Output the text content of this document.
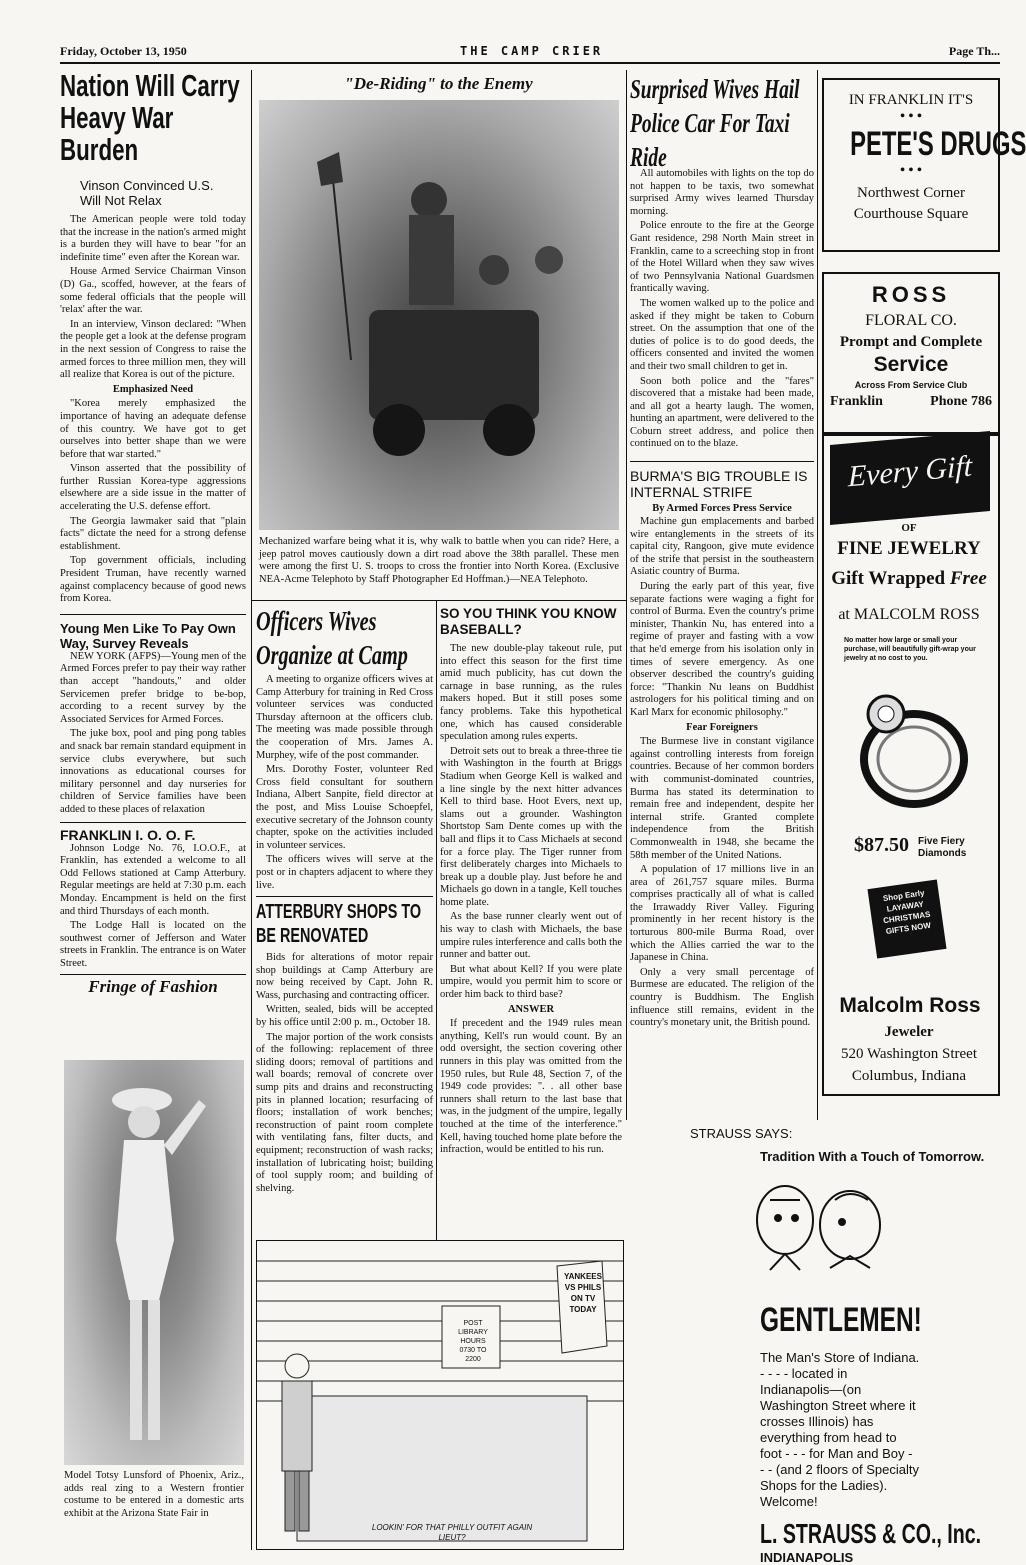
Friday, October 13, 1950	THE CAMP CRIER	Page Th...
Nation Will Carry Heavy War Burden
Vinson Convinced U.S. Will Not Relax

The American people were told today that the increase in the nation's armed might is a burden they will have to bear "for an indefinite time" even after the Korean war.

House Armed Service Chairman Vinson (D) Ga., scoffed, however, at the fears of some federal officials that the people will 'relax' after the war.

In an interview, Vinson declared: "When the people get a look at the defense program in the next session of Congress to raise the armed forces to three million men, they will all realize that Korea is out of the picture.

Emphasized Need

"Korea merely emphasized the importance of having an adequate defense of this country. We have got to get ourselves into better shape than we were before that war started."

Vinson asserted that the possibility of further Russian Korea-type aggressions elsewhere are a side issue in the matter of accelerating the U.S. defense effort.

The Georgia lawmaker said that "plain facts" dictate the need for a strong defense establishment.

Top government officials, including President Truman, have recently warned against complacency because of good news from Korea.

Young Men Like To Pay Own Way, Survey Reveals

NEW YORK (AFPS)—Young men of the Armed Forces prefer to pay their way rather than accept "handouts," and older Servicemen prefer bridge to be-bop, according to a recent survey by the Associated Services for Armed Forces.

The juke box, pool and ping pong tables and snack bar remain standard equipment in service clubs everywhere, but such innovations as educational courses for military personnel and day nurseries for children of Service families have been added to these places of relaxation

FRANKLIN I. O. O. F.

Johnson Lodge No. 76, I.O.O.F., at Franklin, has extended a welcome to all Odd Fellows stationed at Camp Atterbury. Regular meetings are held at 7:30 p.m. each Monday. Encampment is held on the first and third Thursdays of each month.

The Lodge Hall is located on the southwest corner of Jefferson and Water streets in Franklin. The entrance is on Water Street.

Fringe of Fashion
Model Totsy Lunsford of Phoenix, Ariz., adds real zing to a Western frontier costume to be entered in a domestic arts exhibit at the Arizona State Fair in
"De-Riding" to the Enemy
Mechanized warfare being what it is, why walk to battle when you can ride? Here, a jeep patrol moves cautiously down a dirt road above the 38th parallel. These men were among the first U. S. troops to cross the frontier into North Korea. (Exclusive NEA-Acme Telephoto by Staff Photographer Ed Hoffman.)—NEA Telephoto.
Officers Wives Organize at Camp

A meeting to organize officers wives at Camp Atterbury for training in Red Cross volunteer services was conducted Thursday afternoon at the officers club. The meeting was made possible through the cooperation of Mrs. James A. Murphey, wife of the post commander.

Mrs. Dorothy Foster, volunteer Red Cross field consultant for southern Indiana, Albert Sanpite, field director at the post, and Miss Louise Schoepfel, executive secretary of the Johnson county chapter, spoke on the activities included in volunteer services.

The officers wives will serve at the post or in chapters adjacent to where they live.

ATTERBURY SHOPS TO BE RENOVATED

Bids for alterations of motor repair shop buildings at Camp Atterbury are now being received by Capt. John R. Wass, purchasing and contracting officer.

Written, sealed, bids will be accepted by his office until 2:00 p. m., October 18.

The major portion of the work consists of the following: replacement of three sliding doors; removal of partitions and wall boards; removal of concrete over sump pits and drains and reconstructing pits in planned location; resurfacing of floors; installation of work benches; reconstruction of paint room complete with ventilating fans, filter ducts, and equipment; reconstruction of wash racks; installation of lubricating hoist; building of tool supply room; and building of shelving.

SO YOU THINK YOU KNOW BASEBALL?

The new double-play takeout rule, put into effect this season for the first time amid much publicity, has cut down the carnage in base running, as the rules makers hoped. But it still poses some fancy problems. Take this hypothetical one, which has caused considerable speculation among rules experts.

Detroit sets out to break a three-three tie with Washington in the fourth at Briggs Stadium when George Kell is walked and a line single by the next hitter advances Kell to third base. Hoot Evers, next up, slams out a grounder. Washington Shortstop Sam Dente comes up with the ball and flips it to Cass Michaels at second for a force play. The Tiger runner from first deliberately charges into Michaels to break up a double play. Just before he and Michaels go down in a tangle, Kell touches home plate.

As the base runner clearly went out of his way to clash with Michaels, the base umpire rules interference and calls both the runner and batter out.

But what about Kell? If you were plate umpire, would you permit him to score or order him back to third base?

ANSWER

If precedent and the 1949 rules mean anything, Kell's run would count. By an odd oversight, the section covering other runners in this play was omitted from the 1950 rules, but Rule 48, Section 7, of the 1949 code provides: ". . all other base runners shall return to the last base that was, in the judgment of the umpire, legally touched at the time of the interference." Kell, having touched home plate before the infraction, would be entitled to his run.

POST LIBRARY HOURS 0730 TO 2200
YANKEES VS PHILS ON TV TODAY
LOOKIN' FOR THAT PHILLY OUTFIT AGAIN LIEUT?
Surprised Wives Hail Police Car For Taxi Ride

All automobiles with lights on the top do not happen to be taxis, two somewhat surprised Army wives learned Thursday morning.

Police enroute to the fire at the George Gant residence, 298 North Main street in Franklin, came to a screeching stop in front of the Hotel Willard when they saw wives of two Pennsylvania National Guardsmen frantically waving.

The women walked up to the police and asked if they might be taken to Coburn street. On the assumption that one of the duties of police is to do good deeds, the officers consented and invited the women and their two small children to get in.

Soon both police and the "fares" discovered that a mistake had been made, and all got a hearty laugh. The women, hunting an apartment, were delivered to the Coburn street address, and police then continued on to the blaze.

BURMA'S BIG TROUBLE IS INTERNAL STRIFE
By Armed Forces Press Service

Machine gun emplacements and barbed wire entanglements in the streets of its capital city, Rangoon, give mute evidence of the strife that persist in the southeastern Asiatic country of Burma.

During the early part of this year, five separate factions were waging a fight for control of Burma. Even the country's prime minister, Thankin Nu, has entered into a regime of prayer and fasting with a vow that he'd emerge from his isolation only in times of severe emergency. As one observer described the country's guiding force: "Thankin Nu leans on Buddhist astrologers for his political timing and on Karl Marx for economic philosophy."

Fear Foreigners

The Burmese live in constant vigilance against controlling interests from foreign countries. Because of her common borders with communist-dominated countries, Burma has stated its determination to remain free and independent, despite her internal strife. Granted complete independence from the British Commonwealth in 1948, she became the 58th member of the United Nations.

A population of 17 millions live in an area of 261,757 square miles. Burma comprises practically all of what is called the Irrawaddy River Valley. Figuring prominently in her recent history is the torturous 800-mile Burma Road, over which the Allies carried the war to the Japanese in China.

Only a very small percentage of Burmese are educated. The religion of the country is Buddhism. The English influence still remains, evident in the country's monetary unit, the British pound.

IN FRANKLIN IT'S
• • •
PETE'S DRUGS
• • •
Northwest Corner
Courthouse Square
ROSS
FLORAL CO.
Prompt and Complete
Service
Across From Service Club
Franklin	Phone 786
Every Gift
OF
FINE JEWELRY
Gift Wrapped Free
at MALCOLM ROSS
No matter how large or small your purchase, will beautifully gift-wrap your jewelry at no cost to you.
$87.50 Five Fiery Diamonds
Shop Early LAYAWAY CHRISTMAS GIFTS NOW
Malcolm Ross
Jeweler
520 Washington Street
Columbus, Indiana
STRAUSS SAYS:
Tradition With a Touch of Tomorrow.
GENTLEMEN!
The Man's Store of Indiana. - - - - located in Indianapolis—(on Washington Street where it crosses Illinois) has everything from head to foot - - - for Man and Boy - - - (and 2 floors of Specialty Shops for the Ladies). Welcome!
L. STRAUSS & CO., Inc.
INDIANAPOLIS
